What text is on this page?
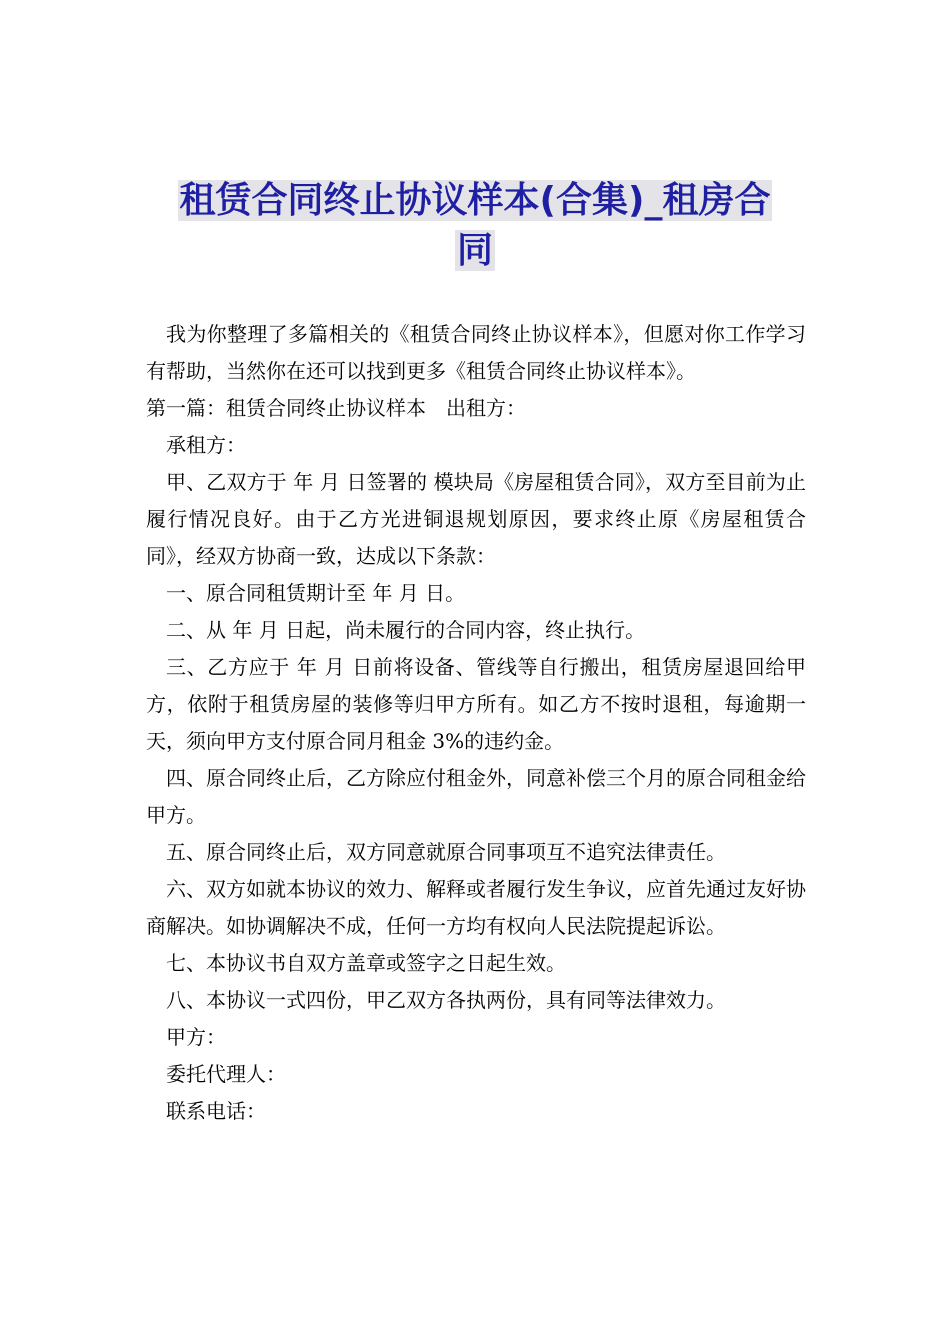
租赁合同终止协议样本(合集)_租房合
同

我为你整理了多篇相关的《租赁合同终止协议样本》，但愿对你工作学习有帮助，当然你在还可以找到更多《租赁合同终止协议样本》。

第一篇：租赁合同终止协议样本　出租方：

承租方：

甲、乙双方于 年 月 日签署的 模块局《房屋租赁合同》，双方至目前为止履行情况良好。由于乙方光进铜退规划原因，要求终止原《房屋租赁合同》，经双方协商一致，达成以下条款：

一、原合同租赁期计至 年 月 日。

二、从 年 月 日起，尚未履行的合同内容，终止执行。

三、乙方应于 年 月 日前将设备、管线等自行搬出，租赁房屋退回给甲方，依附于租赁房屋的装修等归甲方所有。如乙方不按时退租，每逾期一天，须向甲方支付原合同月租金 3%的违约金。

四、原合同终止后，乙方除应付租金外，同意补偿三个月的原合同租金给甲方。

五、原合同终止后，双方同意就原合同事项互不追究法律责任。

六、双方如就本协议的效力、解释或者履行发生争议，应首先通过友好协商解决。如协调解决不成，任何一方均有权向人民法院提起诉讼。

七、本协议书自双方盖章或签字之日起生效。

八、本协议一式四份，甲乙双方各执两份，具有同等法律效力。

甲方：

委托代理人：

联系电话：
